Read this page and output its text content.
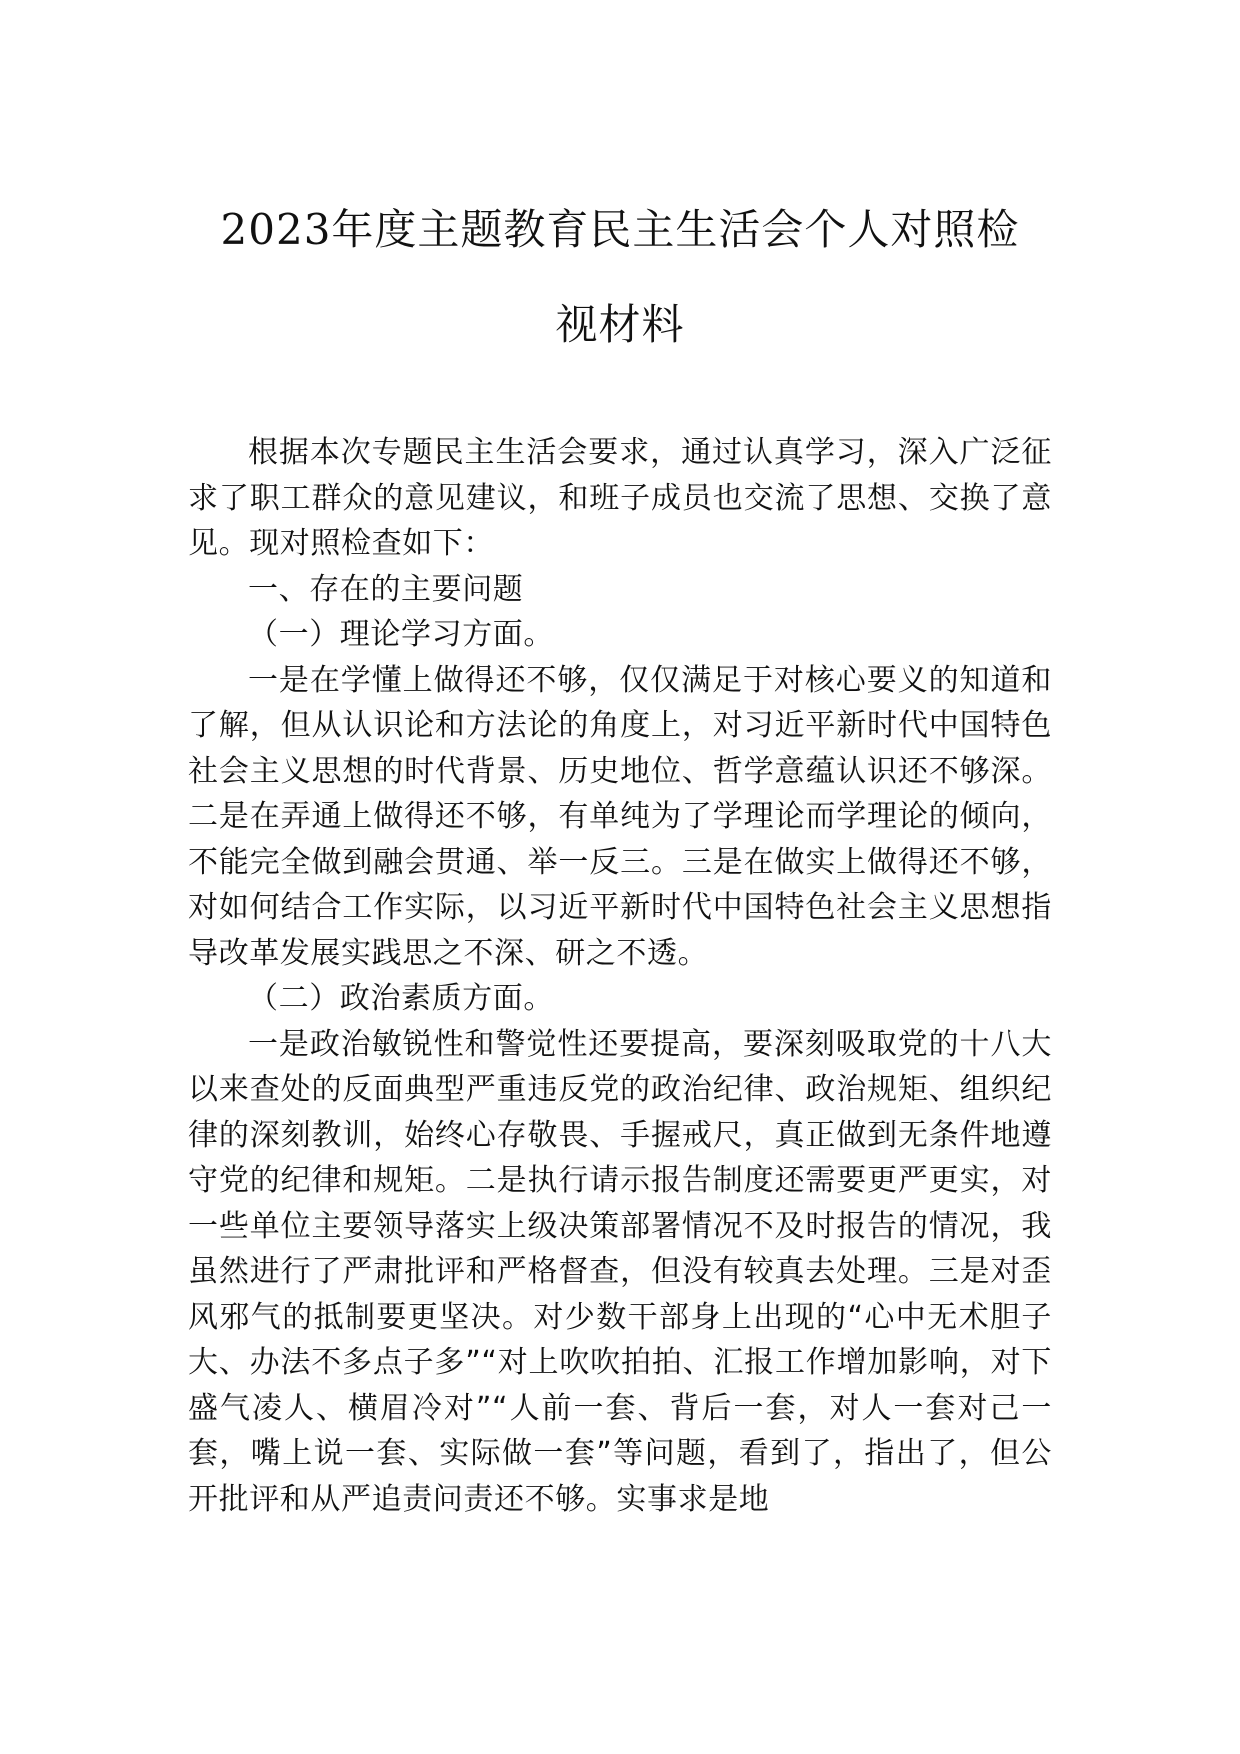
2023年度主题教育民主生活会个人对照检
视材料

根据本次专题民主生活会要求，通过认真学习，深入广泛征求了职工群众的意见建议，和班子成员也交流了思想、交换了意见。现对照检查如下：

一、存在的主要问题

（一）理论学习方面。

一是在学懂上做得还不够，仅仅满足于对核心要义的知道和了解，但从认识论和方法论的角度上，对习近平新时代中国特色社会主义思想的时代背景、历史地位、哲学意蕴认识还不够深。二是在弄通上做得还不够，有单纯为了学理论而学理论的倾向，不能完全做到融会贯通、举一反三。三是在做实上做得还不够，对如何结合工作实际，以习近平新时代中国特色社会主义思想指导改革发展实践思之不深、研之不透。

（二）政治素质方面。

一是政治敏锐性和警觉性还要提高，要深刻吸取党的十八大以来查处的反面典型严重违反党的政治纪律、政治规矩、组织纪律的深刻教训，始终心存敬畏、手握戒尺，真正做到无条件地遵守党的纪律和规矩。二是执行请示报告制度还需要更严更实，对一些单位主要领导落实上级决策部署情况不及时报告的情况，我虽然进行了严肃批评和严格督查，但没有较真去处理。三是对歪风邪气的抵制要更坚决。对少数干部身上出现的“心中无术胆子大、办法不多点子多”“对上吹吹拍拍、汇报工作增加影响，对下盛气凌人、横眉冷对”“人前一套、背后一套，对人一套对己一套，嘴上说一套、实际做一套”等问题，看到了，指出了，但公开批评和从严追责问责还不够。实事求是地
